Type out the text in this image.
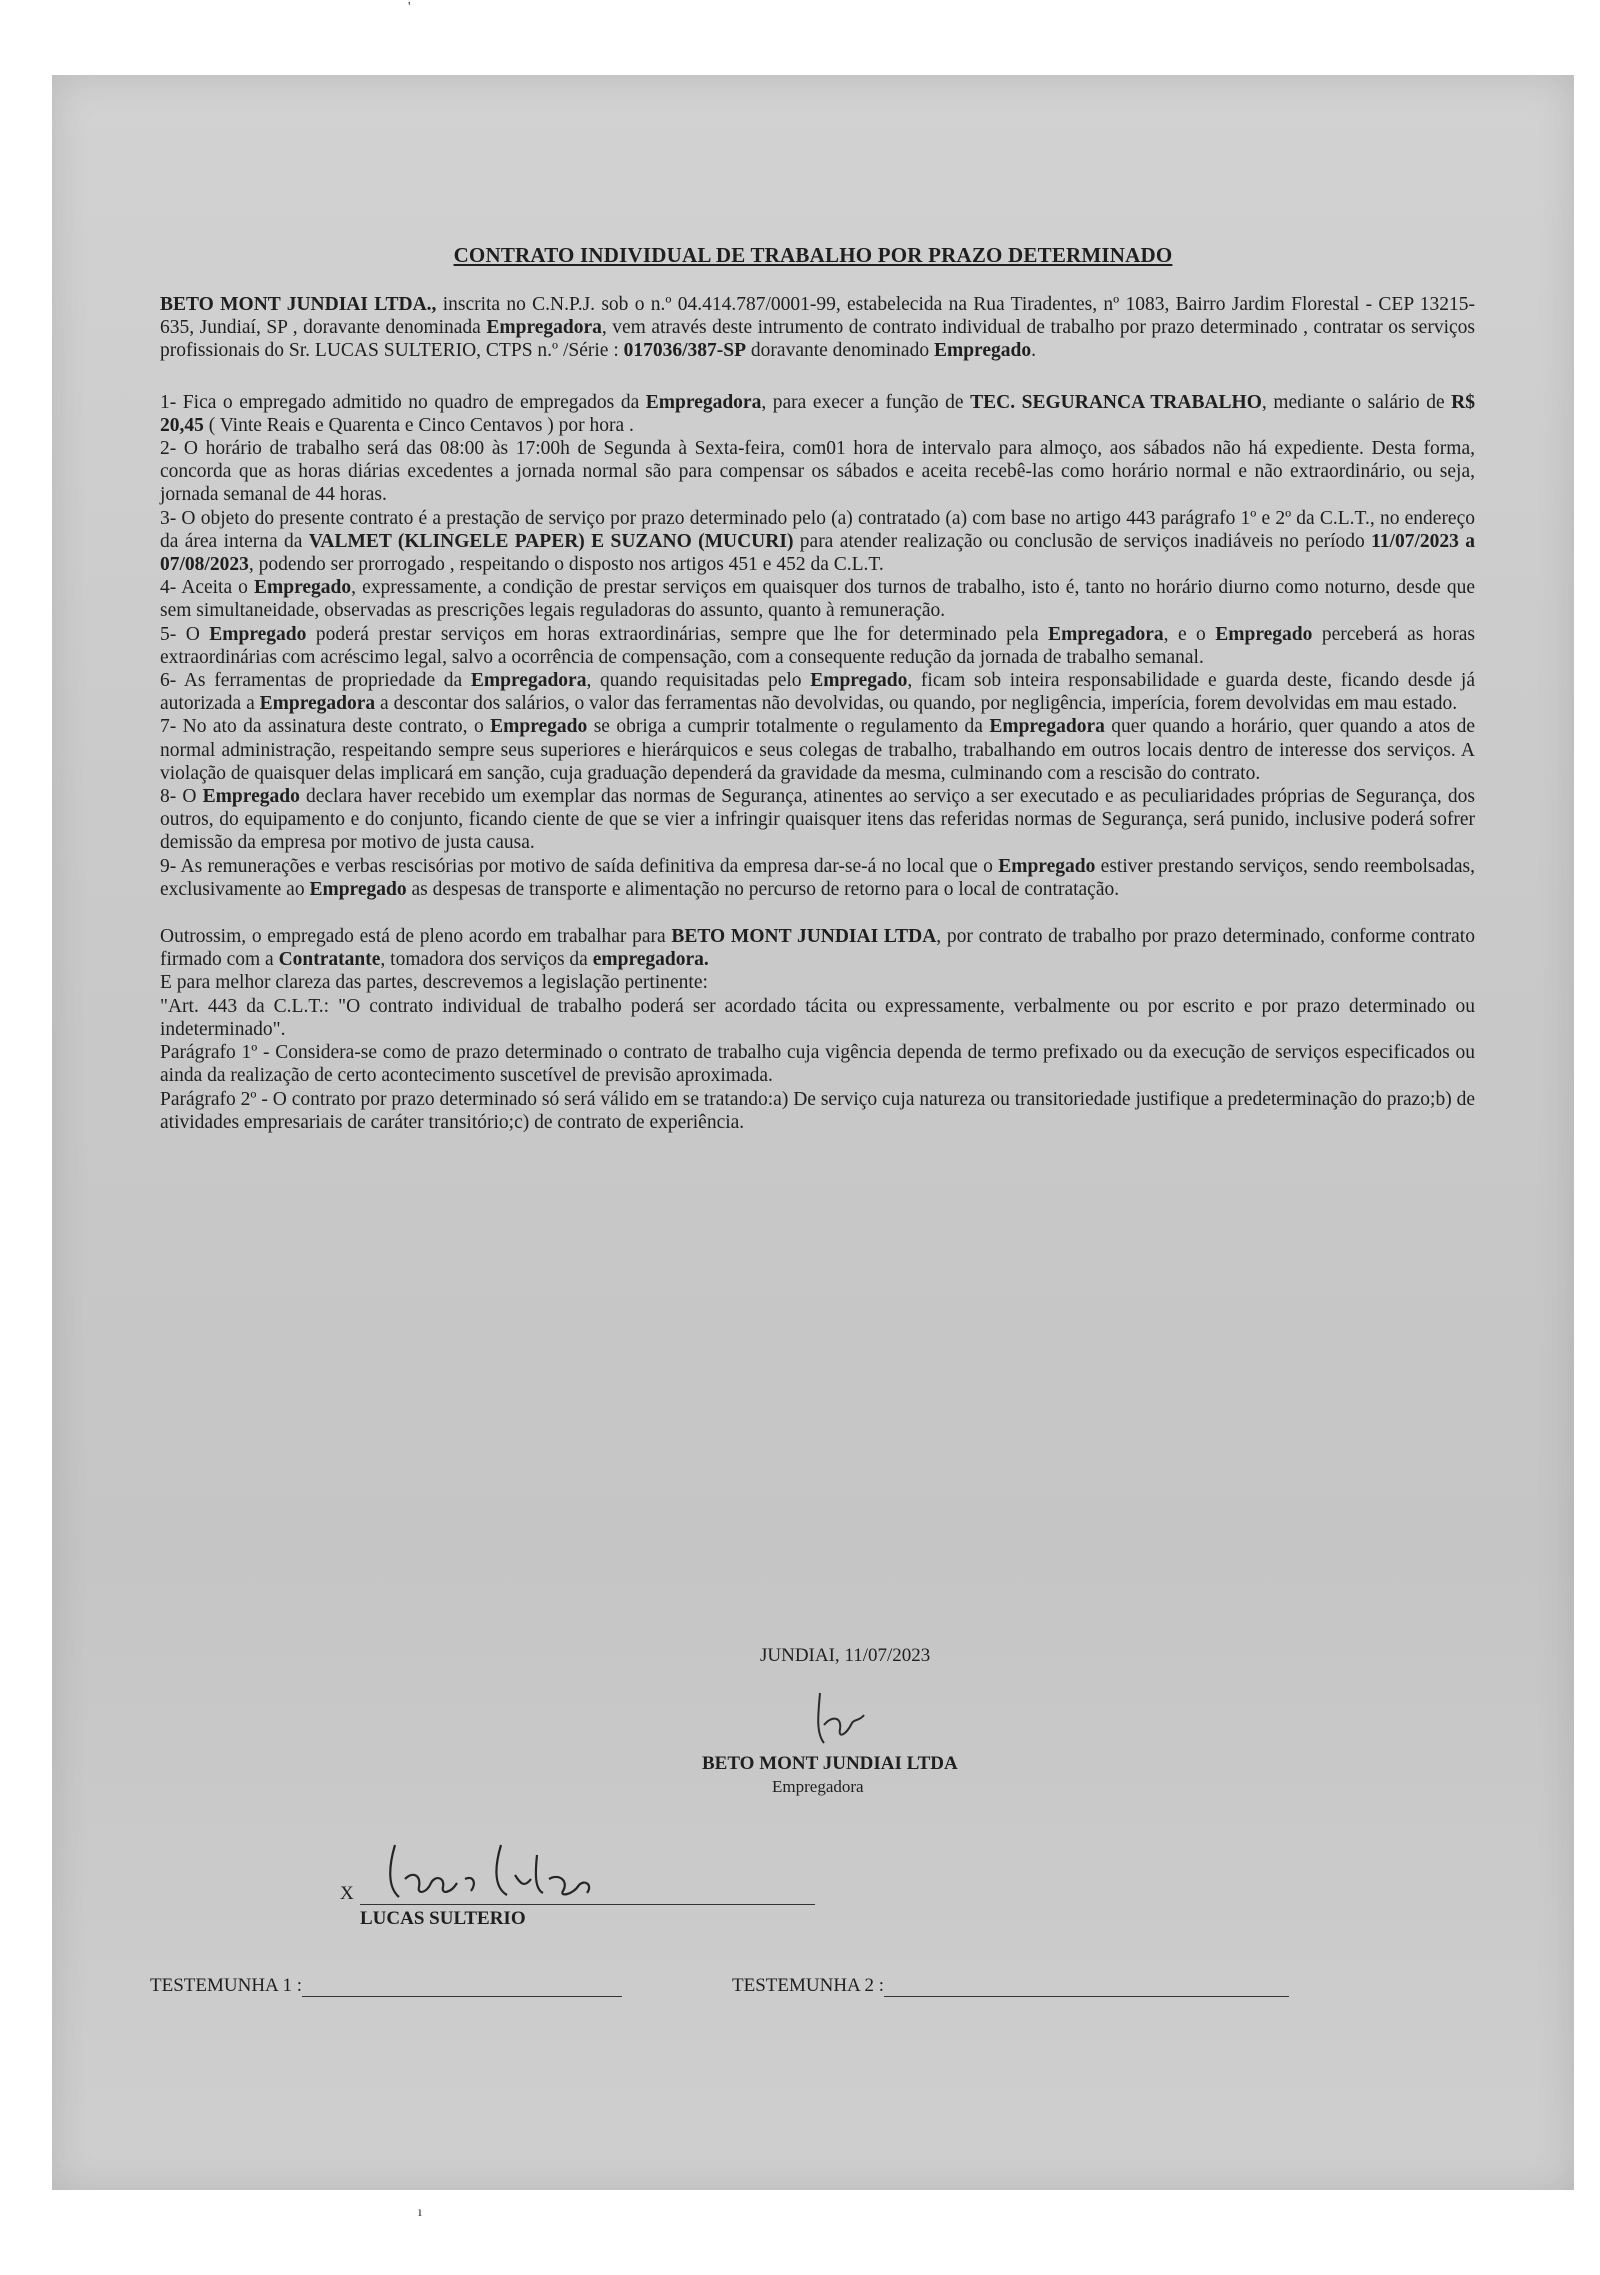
'
CONTRATO INDIVIDUAL DE TRABALHO POR PRAZO DETERMINADO

BETO MONT JUNDIAI LTDA., inscrita no C.N.P.J. sob o n.º 04.414.787/0001-99, estabelecida na Rua Tiradentes, nº 1083, Bairro Jardim Florestal - CEP 13215-635, Jundiaí, SP , doravante denominada Empregadora, vem através deste intrumento de contrato individual de trabalho por prazo determinado , contratar os serviços profissionais do Sr. LUCAS SULTERIO, CTPS n.º /Série : 017036/387-SP doravante denominado Empregado.

1- Fica o empregado admitido no quadro de empregados da Empregadora, para execer a função de TEC. SEGURANCA TRABALHO, mediante o salário de R$ 20,45 ( Vinte Reais e Quarenta e Cinco Centavos ) por hora .

2- O horário de trabalho será das 08:00 às 17:00h de Segunda à Sexta-feira, com01 hora de intervalo para almoço, aos sábados não há expediente. Desta forma, concorda que as horas diárias excedentes a jornada normal são para compensar os sábados e aceita recebê-las como horário normal e não extraordinário, ou seja, jornada semanal de 44 horas.

3- O objeto do presente contrato é a prestação de serviço por prazo determinado pelo (a) contratado (a) com base no artigo 443 parágrafo 1º e 2º da C.L.T., no endereço da área interna da VALMET (KLINGELE PAPER) E SUZANO (MUCURI) para atender realização ou conclusão de serviços inadiáveis no período 11/07/2023 a 07/08/2023, podendo ser prorrogado , respeitando o disposto nos artigos 451 e 452 da C.L.T.

4- Aceita o Empregado, expressamente, a condição de prestar serviços em quaisquer dos turnos de trabalho, isto é, tanto no horário diurno como noturno, desde que sem simultaneidade, observadas as prescrições legais reguladoras do assunto, quanto à remuneração.

5- O Empregado poderá prestar serviços em horas extraordinárias, sempre que lhe for determinado pela Empregadora, e o Empregado perceberá as horas extraordinárias com acréscimo legal, salvo a ocorrência de compensação, com a consequente redução da jornada de trabalho semanal.

6- As ferramentas de propriedade da Empregadora, quando requisitadas pelo Empregado, ficam sob inteira responsabilidade e guarda deste, ficando desde já autorizada a Empregadora a descontar dos salários, o valor das ferramentas não devolvidas, ou quando, por negligência, imperícia, forem devolvidas em mau estado.

7- No ato da assinatura deste contrato, o Empregado se obriga a cumprir totalmente o regulamento da Empregadora quer quando a horário, quer quando a atos de normal administração, respeitando sempre seus superiores e hierárquicos e seus colegas de trabalho, trabalhando em outros locais dentro de interesse dos serviços. A violação de quaisquer delas implicará em sanção, cuja graduação dependerá da gravidade da mesma, culminando com a rescisão do contrato.

8- O Empregado declara haver recebido um exemplar das normas de Segurança, atinentes ao serviço a ser executado e as peculiaridades próprias de Segurança, dos outros, do equipamento e do conjunto, ficando ciente de que se vier a infringir quaisquer itens das referidas normas de Segurança, será punido, inclusive poderá sofrer demissão da empresa por motivo de justa causa.

9- As remunerações e verbas rescisórias por motivo de saída definitiva da empresa dar-se-á no local que o Empregado estiver prestando serviços, sendo reembolsadas, exclusivamente ao Empregado as despesas de transporte e alimentação no percurso de retorno para o local de contratação.

Outrossim, o empregado está de pleno acordo em trabalhar para BETO MONT JUNDIAI LTDA, por contrato de trabalho por prazo determinado, conforme contrato firmado com a Contratante, tomadora dos serviços da empregadora.

E para melhor clareza das partes, descrevemos a legislação pertinente:

"Art. 443 da C.L.T.: "O contrato individual de trabalho poderá ser acordado tácita ou expressamente, verbalmente ou por escrito e por prazo determinado ou indeterminado".

Parágrafo 1º - Considera-se como de prazo determinado o contrato de trabalho cuja vigência dependa de termo prefixado ou da execução de serviços especificados ou ainda da realização de certo acontecimento suscetível de previsão aproximada.

Parágrafo 2º - O contrato por prazo determinado só será válido em se tratando:a) De serviço cuja natureza ou transitoriedade justifique a predeterminação do prazo;b) de atividades empresariais de caráter transitório;c) de contrato de experiência.

JUNDIAI, 11/07/2023
BETO MONT JUNDIAI LTDA
Empregadora
X
LUCAS SULTERIO
TESTEMUNHA 1 :	TESTEMUNHA 2 :
ı
